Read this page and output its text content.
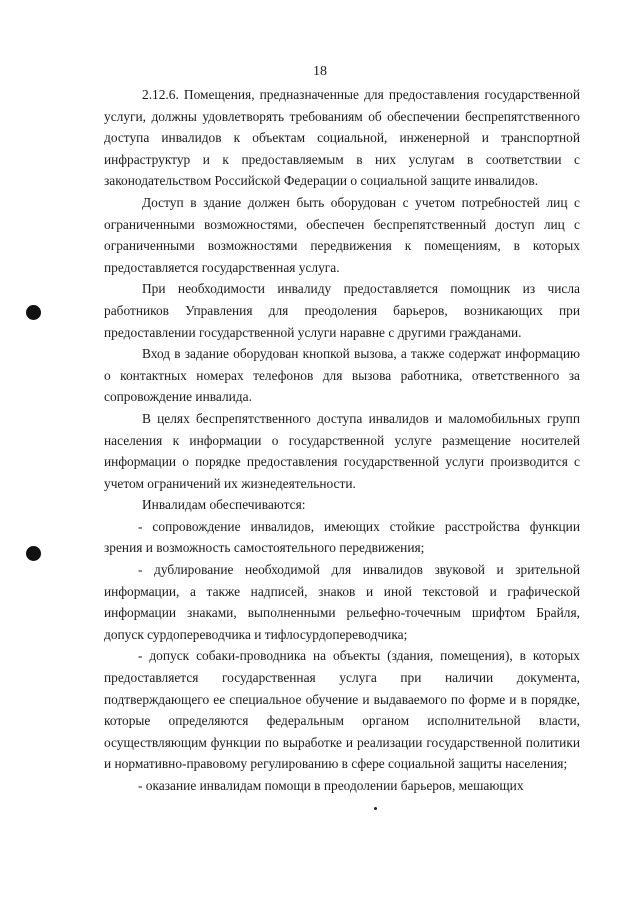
18

2.12.6. Помещения, предназначенные для предоставления государственной услуги, должны удовлетворять требованиям об обеспечении беспрепятственного доступа инвалидов к объектам социальной, инженерной и транспортной инфраструктур и к предоставляемым в них услугам в соответствии с законодательством Российской Федерации о социальной защите инвалидов.

Доступ в здание должен быть оборудован с учетом потребностей лиц с ограниченными возможностями, обеспечен беспрепятственный доступ лиц с ограниченными возможностями передвижения к помещениям, в которых предоставляется государственная услуга.

При необходимости инвалиду предоставляется помощник из числа работников Управления для преодоления барьеров, возникающих при предоставлении государственной услуги наравне с другими гражданами.

Вход в задание оборудован кнопкой вызова, а также содержат информацию о контактных номерах телефонов для вызова работника, ответственного за сопровождение инвалида.

В целях беспрепятственного доступа инвалидов и маломобильных групп населения к информации о государственной услуге размещение носителей информации о порядке предоставления государственной услуги производится с учетом ограничений их жизнедеятельности.

Инвалидам обеспечиваются:

- сопровождение инвалидов, имеющих стойкие расстройства функции зрения и возможность самостоятельного передвижения;

- дублирование необходимой для инвалидов звуковой и зрительной информации, а также надписей, знаков и иной текстовой и графической информации знаками, выполненными рельефно-точечным шрифтом Брайля, допуск сурдопереводчика и тифлосурдопереводчика;

- допуск собаки-проводника на объекты (здания, помещения), в которых предоставляется государственная услуга при наличии документа, подтверждающего ее специальное обучение и выдаваемого по форме и в порядке, которые определяются федеральным органом исполнительной власти, осуществляющим функции по выработке и реализации государственной политики и нормативно-правовому регулированию в сфере социальной защиты населения;

- оказание инвалидам помощи в преодолении барьеров, мешающих
